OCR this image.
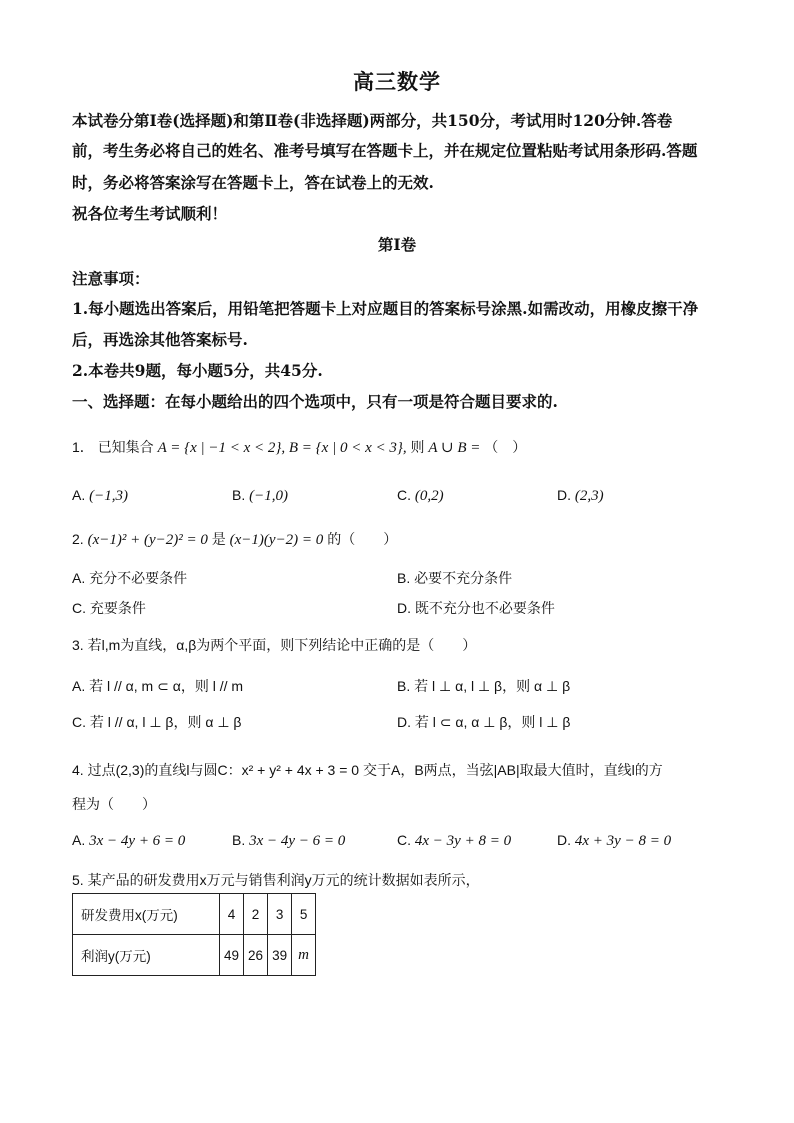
高三数学
本试卷分第Ⅰ卷(选择题)和第Ⅱ卷(非选择题)两部分，共150分，考试用时120分钟.答卷
前，考生务必将自己的姓名、准考号填写在答题卡上，并在规定位置粘贴考试用条形码.答题
时，务必将答案涂写在答题卡上，答在试卷上的无效.
祝各位考生考试顺利！
第Ⅰ卷
注意事项：
1.每小题选出答案后，用铅笔把答题卡上对应题目的答案标号涂黑.如需改动，用橡皮擦干净
后，再选涂其他答案标号.
2.本卷共9题，每小题5分，共45分.
一、选择题：在每小题给出的四个选项中，只有一项是符合题目要求的.
1． 已知集合 A = {x | −1 < x < 2}, B = {x | 0 < x < 3}, 则 A ∪ B = （　）
A. (−1,3)	B. (−1,0)	C. (0,2)	D. (2,3)
2. (x−1)² + (y−2)² = 0 是 (x−1)(y−2) = 0 的（　　）
A. 充分不必要条件	B. 必要不充分条件
C. 充要条件	D. 既不充分也不必要条件
3. 若l,m为直线，α,β为两个平面，则下列结论中正确的是（　　）
A. 若 l // α, m ⊂ α，则 l // m	B. 若 l ⊥ α, l ⊥ β，则 α ⊥ β
C. 若 l // α, l ⊥ β，则 α ⊥ β	D. 若 l ⊂ α, α ⊥ β，则 l ⊥ β
4. 过点(2,3)的直线l与圆C：x² + y² + 4x + 3 = 0 交于A，B两点，当弦|AB|取最大值时，直线l的方
程为（　　）
A. 3x − 4y + 6 = 0	B. 3x − 4y − 6 = 0	C. 4x − 3y + 8 = 0	D. 4x + 3y − 8 = 0
5. 某产品的研发费用x万元与销售利润y万元的统计数据如表所示，
研发费用x(万元)	4	2	3	5
利润y(万元)	49	26	39	m
